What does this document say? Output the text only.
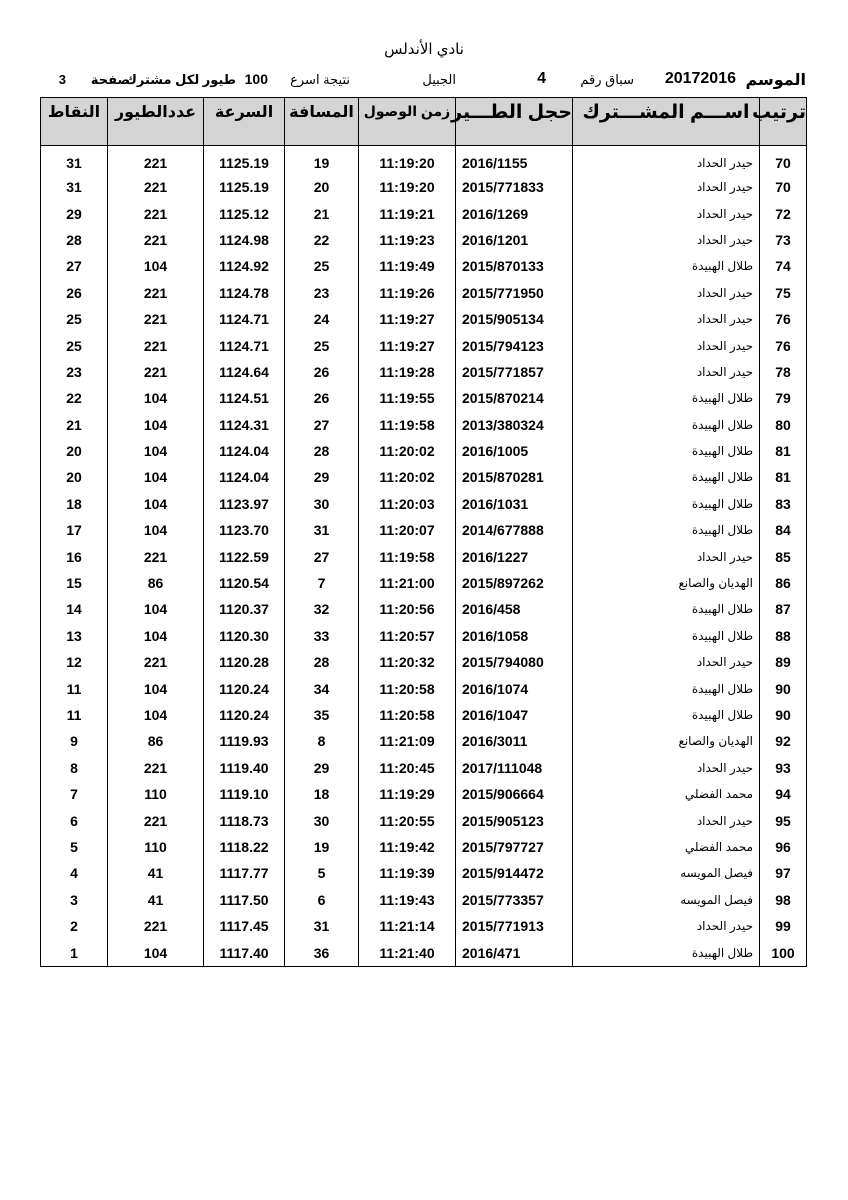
نادي الأندلس
الموسم
20172016
سباق رقم
4
الجبيل
نتيجة اسرع
100
طيور لكل مشترك
صفحة
3
ترتيب	اســـم المشـــترك	حجل الطـــير	زمن الوصول	المسافة	السرعة	عددالطيور	النقاط
70	حيدر الحداد	2016/1155	11:19:20	19	1125.19	221	31
70	حيدر الحداد	2015/771833	11:19:20	20	1125.19	221	31
72	حيدر الحداد	2016/1269	11:19:21	21	1125.12	221	29
73	حيدر الحداد	2016/1201	11:19:23	22	1124.98	221	28
74	طلال الهبيدة	2015/870133	11:19:49	25	1124.92	104	27
75	حيدر الحداد	2015/771950	11:19:26	23	1124.78	221	26
76	حيدر الحداد	2015/905134	11:19:27	24	1124.71	221	25
76	حيدر الحداد	2015/794123	11:19:27	25	1124.71	221	25
78	حيدر الحداد	2015/771857	11:19:28	26	1124.64	221	23
79	طلال الهبيدة	2015/870214	11:19:55	26	1124.51	104	22
80	طلال الهبيدة	2013/380324	11:19:58	27	1124.31	104	21
81	طلال الهبيدة	2016/1005	11:20:02	28	1124.04	104	20
81	طلال الهبيدة	2015/870281	11:20:02	29	1124.04	104	20
83	طلال الهبيدة	2016/1031	11:20:03	30	1123.97	104	18
84	طلال الهبيدة	2014/677888	11:20:07	31	1123.70	104	17
85	حيدر الحداد	2016/1227	11:19:58	27	1122.59	221	16
86	الهديان والصانع	2015/897262	11:21:00	7	1120.54	86	15
87	طلال الهبيدة	2016/458	11:20:56	32	1120.37	104	14
88	طلال الهبيدة	2016/1058	11:20:57	33	1120.30	104	13
89	حيدر الحداد	2015/794080	11:20:32	28	1120.28	221	12
90	طلال الهبيدة	2016/1074	11:20:58	34	1120.24	104	11
90	طلال الهبيدة	2016/1047	11:20:58	35	1120.24	104	11
92	الهديان والصانع	2016/3011	11:21:09	8	1119.93	86	9
93	حيدر الحداد	2017/111048	11:20:45	29	1119.40	221	8
94	محمد الفضلي	2015/906664	11:19:29	18	1119.10	110	7
95	حيدر الحداد	2015/905123	11:20:55	30	1118.73	221	6
96	محمد الفضلي	2015/797727	11:19:42	19	1118.22	110	5
97	فيصل المويسه	2015/914472	11:19:39	5	1117.77	41	4
98	فيصل المويسه	2015/773357	11:19:43	6	1117.50	41	3
99	حيدر الحداد	2015/771913	11:21:14	31	1117.45	221	2
100	طلال الهبيدة	2016/471	11:21:40	36	1117.40	104	1
